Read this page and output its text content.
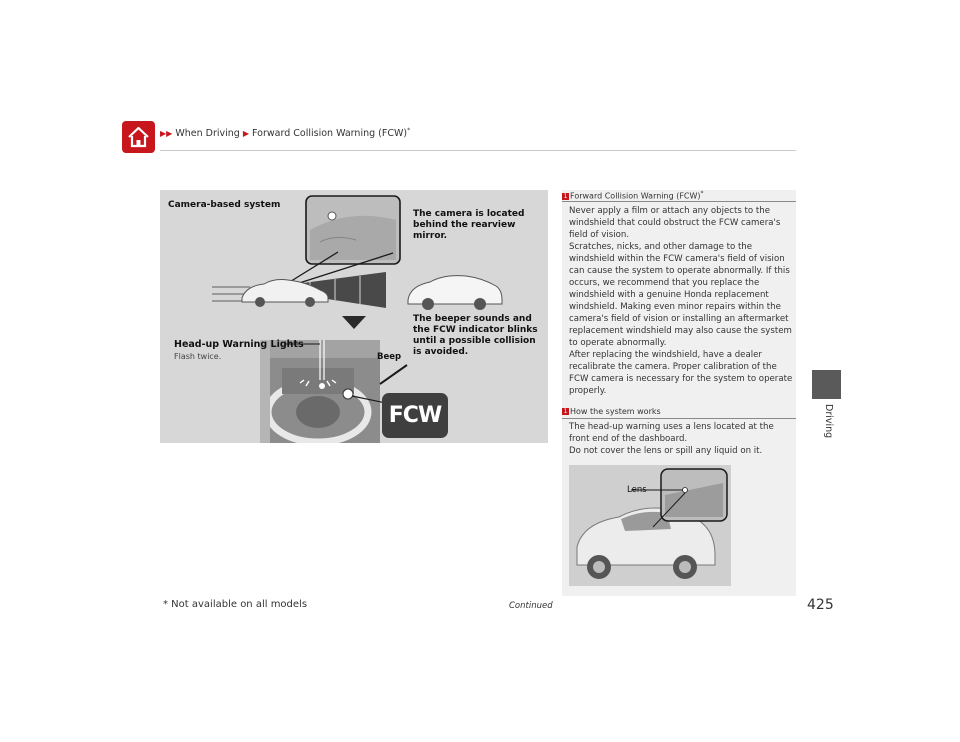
▶▶ When Driving ▶ Forward Collision Warning (FCW)*
Driving
Camera-based system
The camera is located behind the rearview mirror.
The beeper sounds and
the FCW indicator blinks
until a possible collision
is avoided.
Head-up Warning Lights
Flash twice.	Beep
FCW
1 Forward Collision Warning (FCW)*

Never apply a film or attach any objects to the windshield that could obstruct the FCW camera's field of vision.

Scratches, nicks, and other damage to the windshield within the FCW camera's field of vision can cause the system to operate abnormally. If this occurs, we recommend that you replace the windshield with a genuine Honda replacement windshield. Making even minor repairs within the camera's field of vision or installing an aftermarket replacement windshield may also cause the system to operate abnormally.

After replacing the windshield, have a dealer recalibrate the camera. Proper calibration of the FCW camera is necessary for the system to operate properly.

1 How the system works

The head-up warning uses a lens located at the front end of the dashboard.

Do not cover the lens or spill any liquid on it.

Lens
* Not available on all models	Continued	425
